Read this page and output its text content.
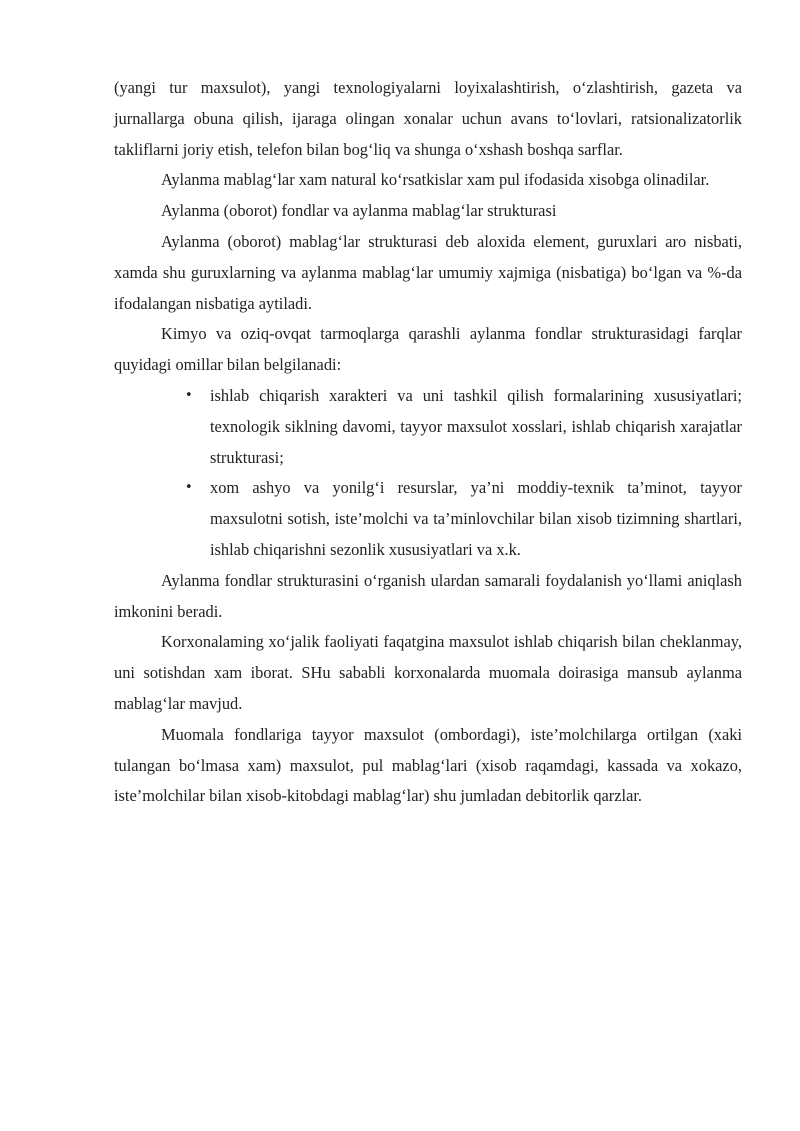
(yangi tur maxsulot), yangi texnologiyalarni loyixalashtirish, o‘zlashtirish, gazeta va jurnallarga obuna qilish, ijaraga olingan xonalar uchun avans to‘lovlari, ratsionalizatorlik takliflarni joriy etish, telefon bilan bog‘liq va shunga o‘xshash boshqa sarflar.

Aylanma mablag‘lar xam natural ko‘rsatkislar xam pul ifodasida xisobga olinadilar.

Aylanma (oborot) fondlar va aylanma mablag‘lar strukturasi

Aylanma (oborot) mablag‘lar strukturasi deb aloxida element, guruxlari aro nisbati, xamda shu guruxlarning va aylanma mablag‘lar umumiy xajmiga (nisbatiga) bo‘lgan va %-da ifodalangan nisbatiga aytiladi.

Kimyo va oziq-ovqat tarmoqlarga qarashli aylanma fondlar strukturasidagi farqlar quyidagi omillar bilan belgilanadi:

• ishlab chiqarish xarakteri va uni tashkil qilish formalarining xususiyatlari; texnologik siklning davomi, tayyor maxsulot xosslari, ishlab chiqarish xarajatlar strukturasi;
• xom ashyo va yonilg‘i resurslar, ya’ni moddiy-texnik ta’minot, tayyor maxsulotni sotish, iste’molchi va ta’minlovchilar bilan xisob tizimning shartlari, ishlab chiqarishni sezonlik xususiyatlari va x.k.

Aylanma fondlar strukturasini o‘rganish ulardan samarali foydalanish yo‘llami aniqlash imkonini beradi.

Korxonalaming xo‘jalik faoliyati faqatgina maxsulot ishlab chiqarish bilan cheklanmay, uni sotishdan xam iborat. SHu sababli korxonalarda muomala doirasiga mansub aylanma mablag‘lar mavjud.

Muomala fondlariga tayyor maxsulot (ombordagi), iste’molchilarga ortilgan (xaki tulangan bo‘lmasa xam) maxsulot, pul mablag‘lari (xisob raqamdagi, kassada va xokazo, iste’molchilar bilan xisob-kitobdagi mablag‘lar) shu jumladan debitorlik qarzlar.
